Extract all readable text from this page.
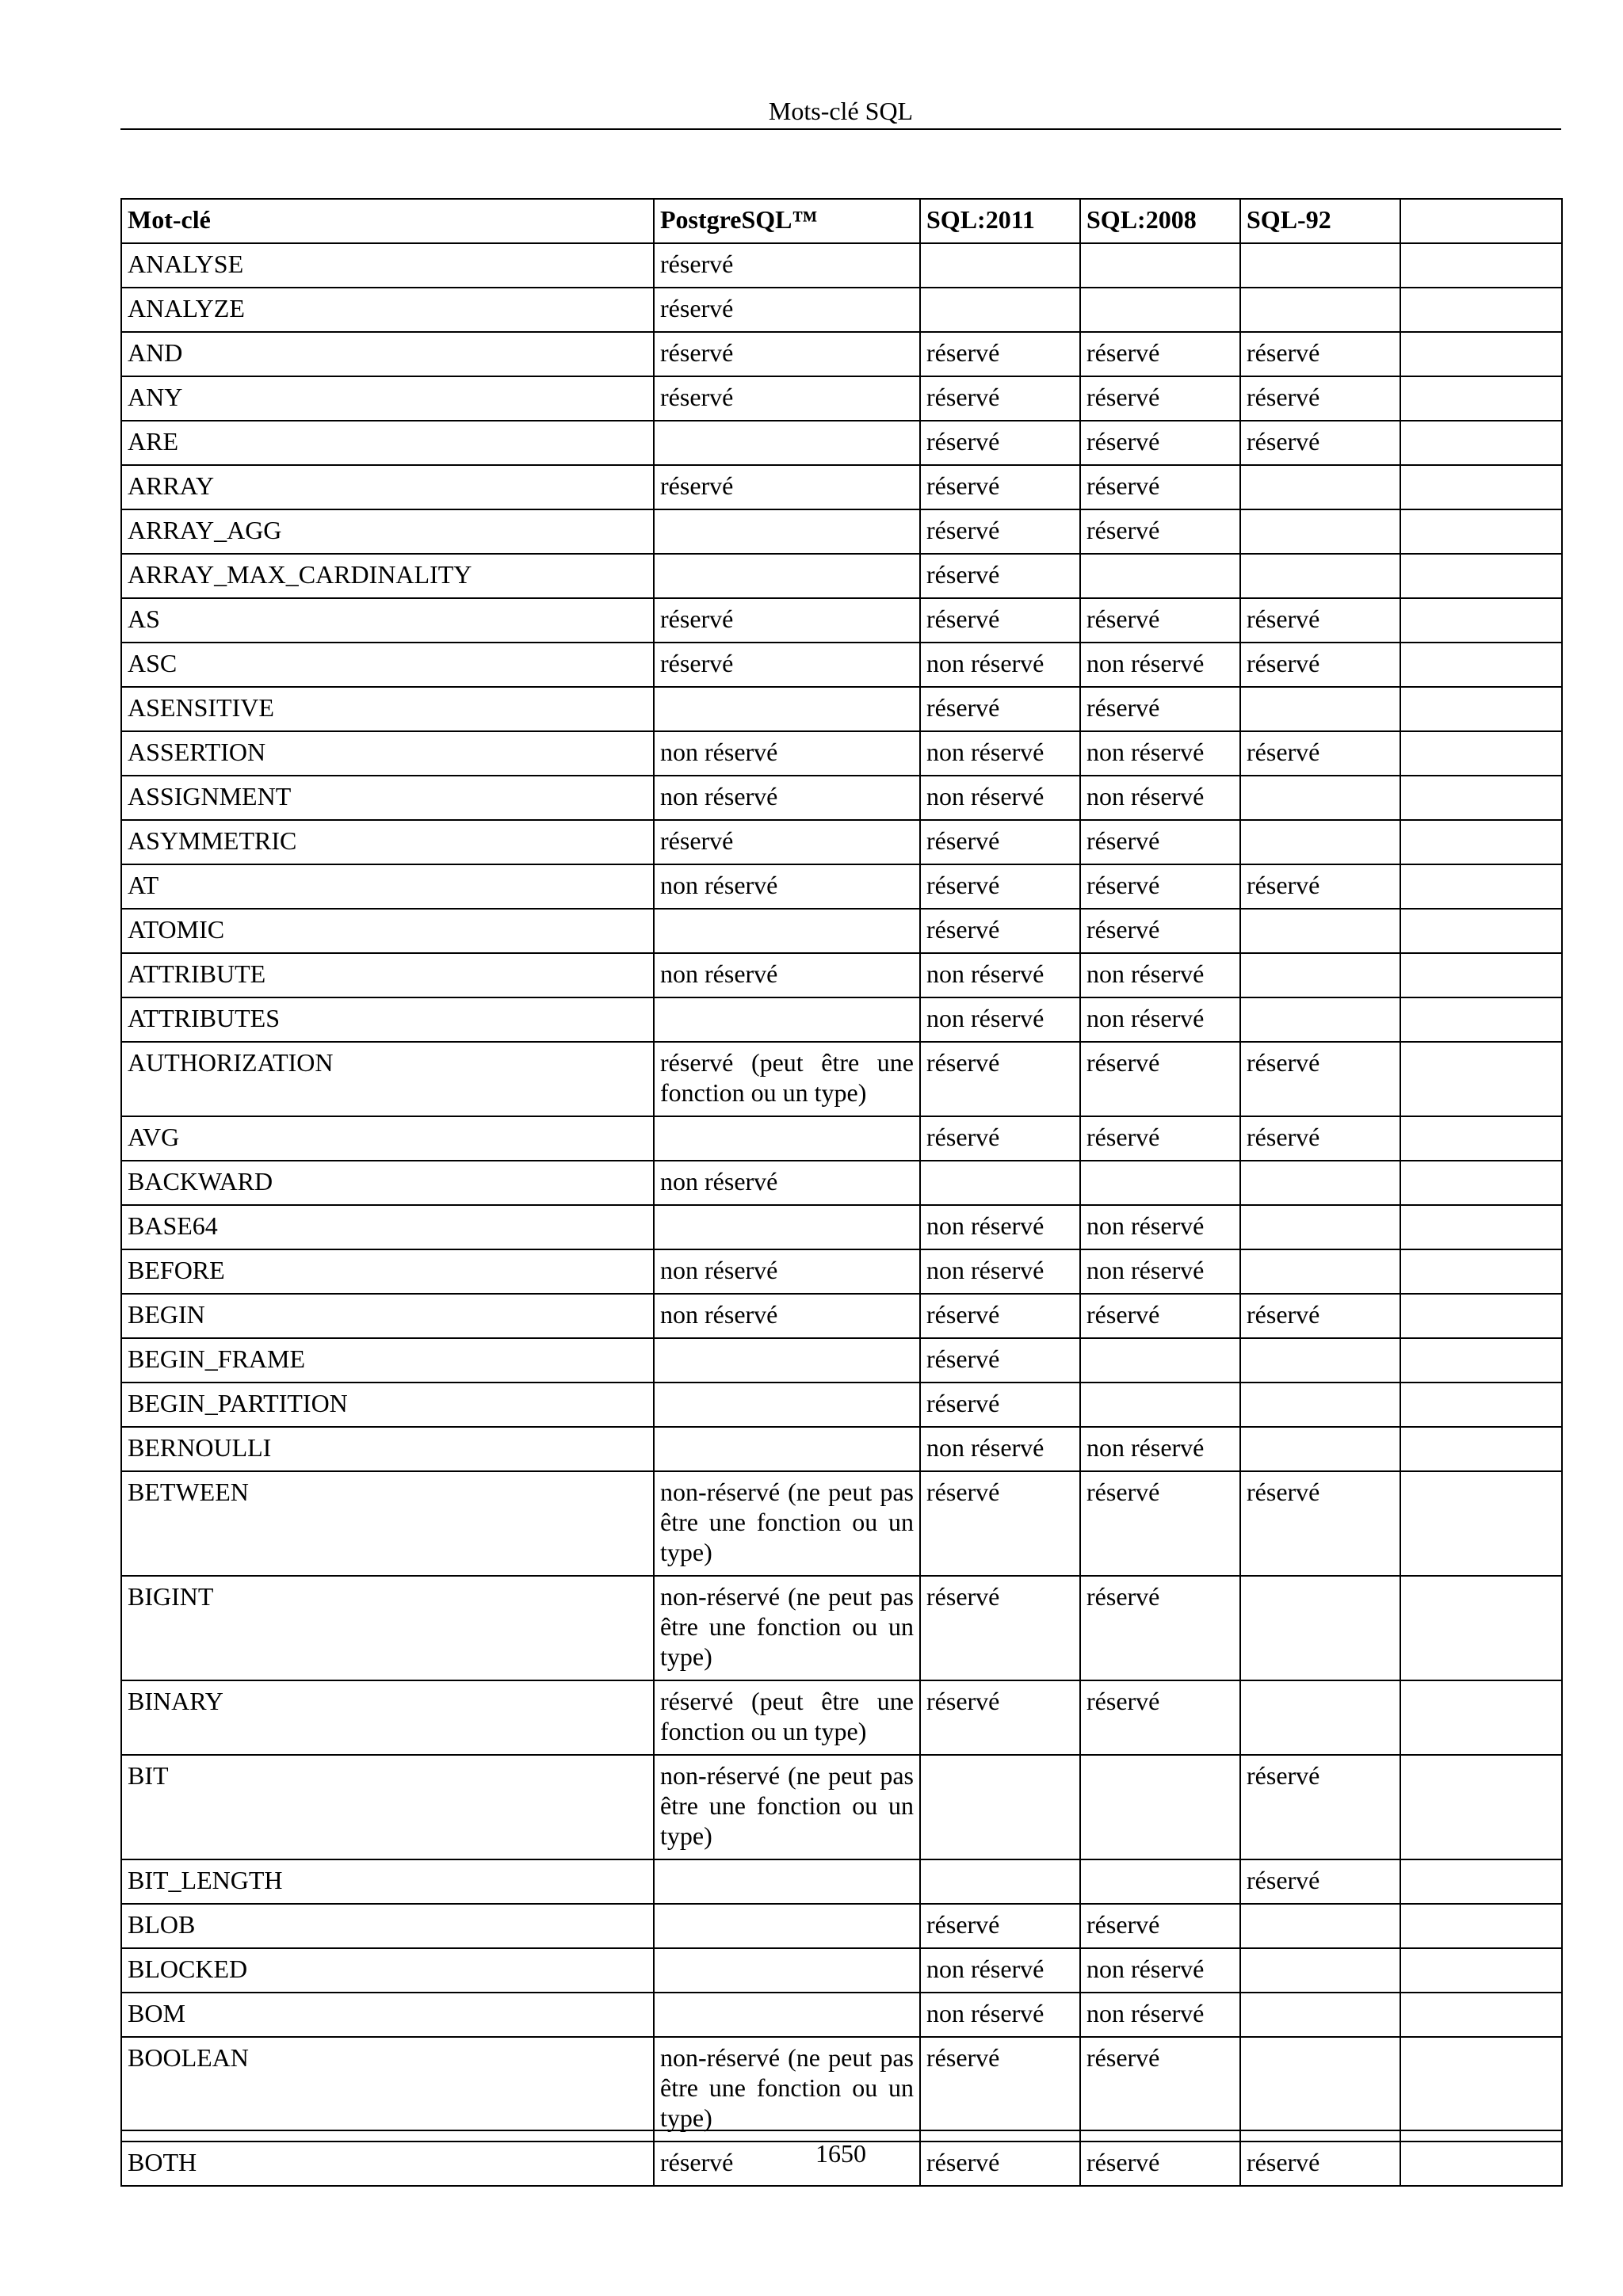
Mots-clé SQL
Mot-clé	PostgreSQL™	SQL:2011	SQL:2008	SQL-92	
ANALYSE	réservé				
ANALYZE	réservé				
AND	réservé	réservé	réservé	réservé	
ANY	réservé	réservé	réservé	réservé	
ARE		réservé	réservé	réservé	
ARRAY	réservé	réservé	réservé		
ARRAY_AGG		réservé	réservé		
ARRAY_MAX_CARDINALITY		réservé			
AS	réservé	réservé	réservé	réservé	
ASC	réservé	non réservé	non réservé	réservé	
ASENSITIVE		réservé	réservé		
ASSERTION	non réservé	non réservé	non réservé	réservé	
ASSIGNMENT	non réservé	non réservé	non réservé		
ASYMMETRIC	réservé	réservé	réservé		
AT	non réservé	réservé	réservé	réservé	
ATOMIC		réservé	réservé		
ATTRIBUTE	non réservé	non réservé	non réservé		
ATTRIBUTES		non réservé	non réservé		
AUTHORIZATION	réservé (peut être une fonction ou un type)	réservé	réservé	réservé	
AVG		réservé	réservé	réservé	
BACKWARD	non réservé				
BASE64		non réservé	non réservé		
BEFORE	non réservé	non réservé	non réservé		
BEGIN	non réservé	réservé	réservé	réservé	
BEGIN_FRAME		réservé			
BEGIN_PARTITION		réservé			
BERNOULLI		non réservé	non réservé		
BETWEEN	non-réservé (ne peut pas être une fonction ou un type)	réservé	réservé	réservé	
BIGINT	non-réservé (ne peut pas être une fonction ou un type)	réservé	réservé		
BINARY	réservé (peut être une fonction ou un type)	réservé	réservé		
BIT	non-réservé (ne peut pas être une fonction ou un type)			réservé	
BIT_LENGTH				réservé	
BLOB		réservé	réservé		
BLOCKED		non réservé	non réservé		
BOM		non réservé	non réservé		
BOOLEAN	non-réservé (ne peut pas être une fonction ou un type)	réservé	réservé		
BOTH	réservé	réservé	réservé	réservé	
1650
